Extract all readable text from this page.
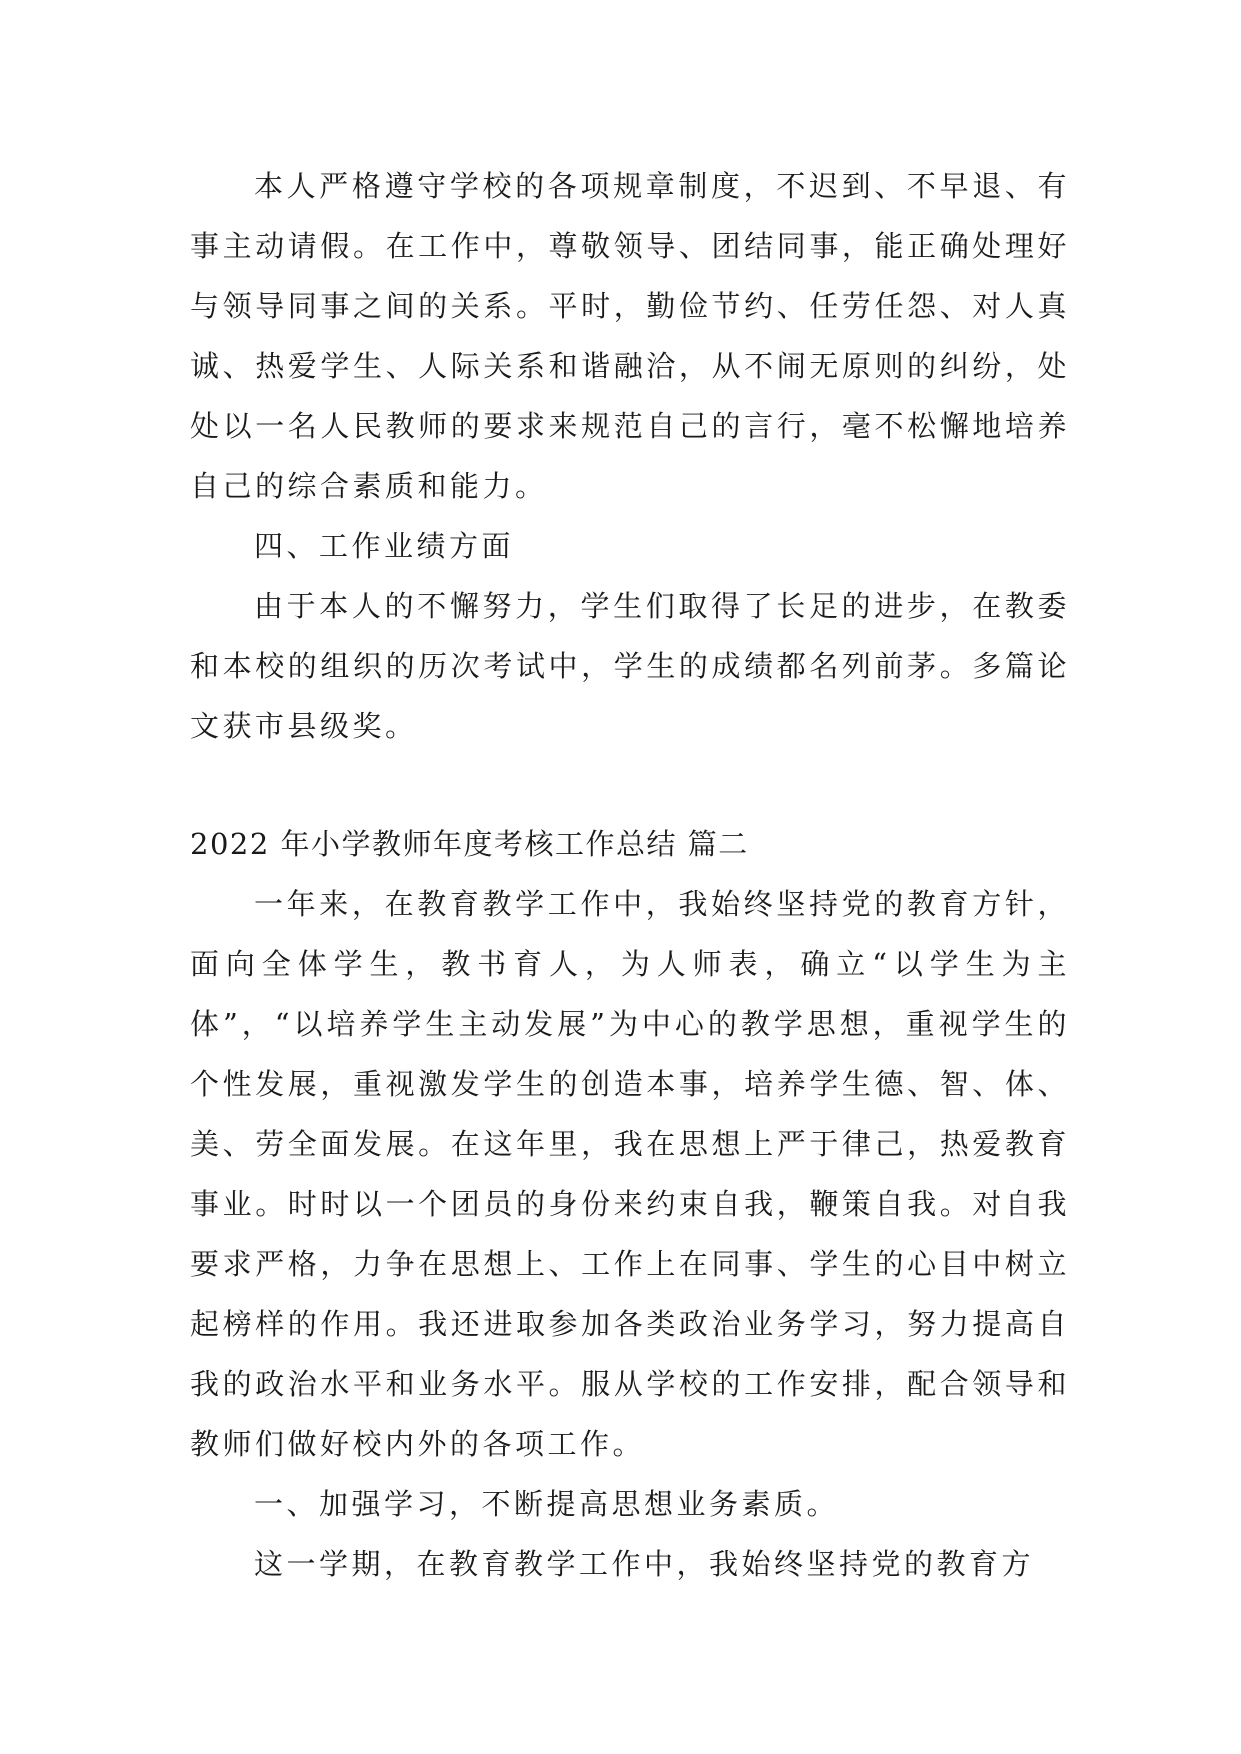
本人严格遵守学校的各项规章制度，不迟到、不早退、有事主动请假。在工作中，尊敬领导、团结同事，能正确处理好与领导同事之间的关系。平时，勤俭节约、任劳任怨、对人真诚、热爱学生、人际关系和谐融洽，从不闹无原则的纠纷，处处以一名人民教师的要求来规范自己的言行，毫不松懈地培养自己的综合素质和能力。

四、工作业绩方面

由于本人的不懈努力，学生们取得了长足的进步，在教委和本校的组织的历次考试中，学生的成绩都名列前茅。多篇论文获市县级奖。

2022 年小学教师年度考核工作总结 篇二

一年来，在教育教学工作中，我始终坚持党的教育方针，面向全体学生，教书育人，为人师表，确立“以学生为主体”，“以培养学生主动发展”为中心的教学思想，重视学生的个性发展，重视激发学生的创造本事，培养学生德、智、体、美、劳全面发展。在这年里，我在思想上严于律己，热爱教育事业。时时以一个团员的身份来约束自我，鞭策自我。对自我要求严格，力争在思想上、工作上在同事、学生的心目中树立起榜样的作用。我还进取参加各类政治业务学习，努力提高自我的政治水平和业务水平。服从学校的工作安排，配合领导和教师们做好校内外的各项工作。

一、加强学习，不断提高思想业务素质。

这一学期，在教育教学工作中，我始终坚持党的教育方
